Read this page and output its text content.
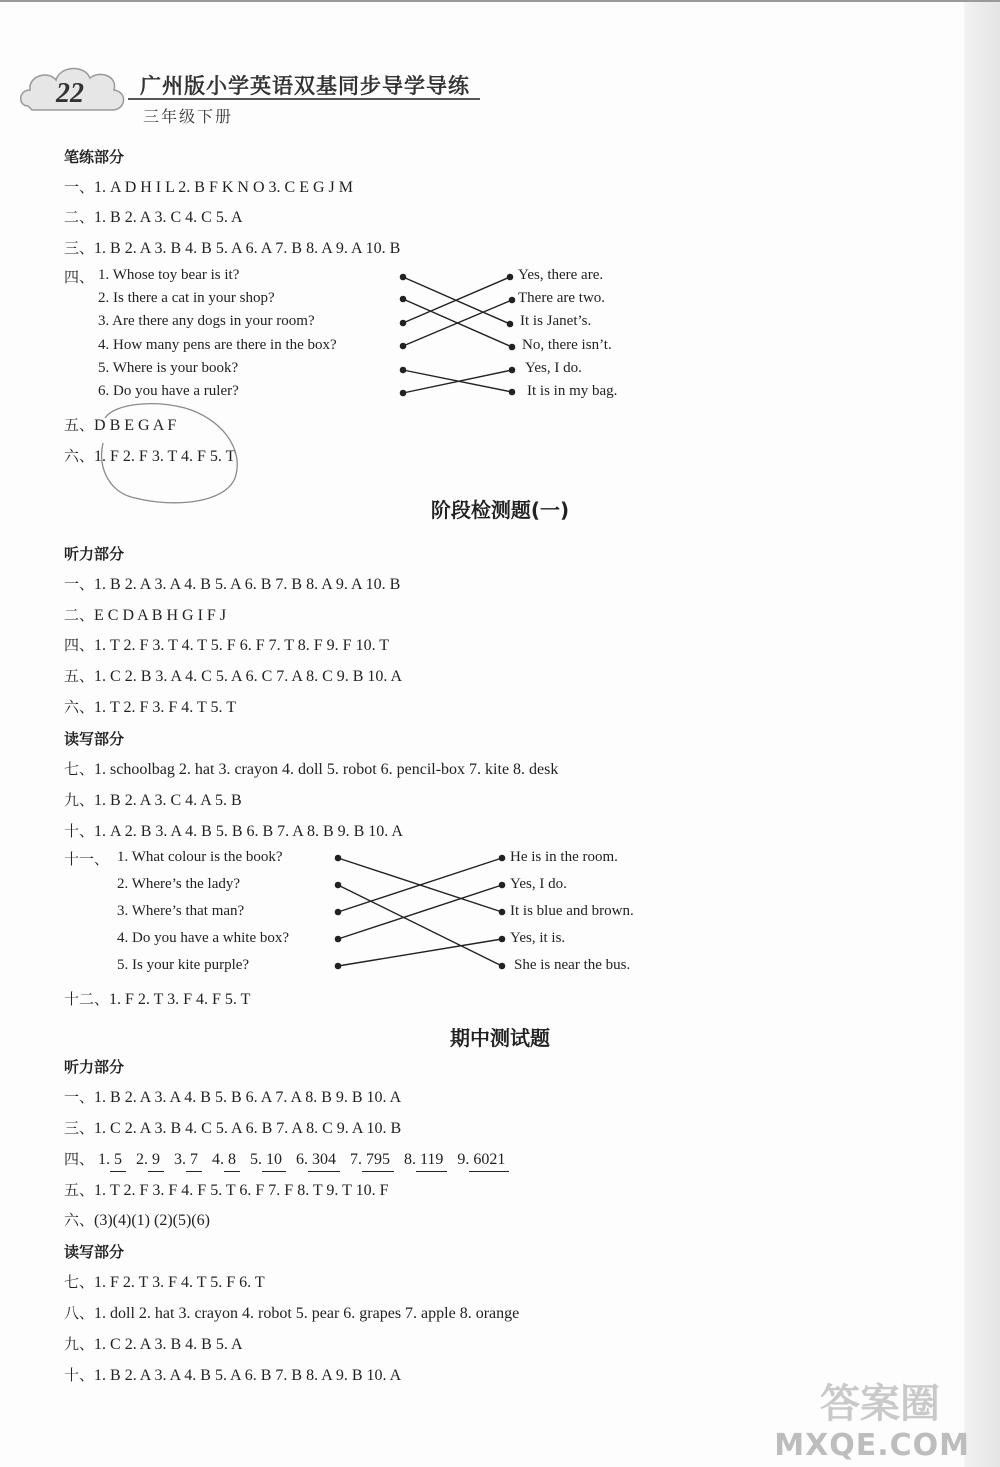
22	广州版小学英语双基同步导学导练
三年级下册
笔练部分
一、1. A D H I L 2. B F K N O 3. C E G J M
二、1. B 2. A 3. C 4. C 5. A
三、1. B 2. A 3. B 4. B 5. A 6. A 7. B 8. A 9. A 10. B
四、 1. Whose toy bear is it?
2. Is there a cat in your shop?
3. Are there any dogs in your room?
4. How many pens are there in the box?
5. Where is your book?
6. Do you have a ruler?
Yes, there are.
There are two.
It is Janet’s.
No, there isn’t.
Yes, I do.
It is in my bag.
五、D B E G A F
六、1. F 2. F 3. T 4. F 5. T
阶段检测题(一)
听力部分
一、1. B 2. A 3. A 4. B 5. A 6. B 7. B 8. A 9. A 10. B
二、E C D A B H G I F J
四、1. T 2. F 3. T 4. T 5. F 6. F 7. T 8. F 9. F 10. T
五、1. C 2. B 3. A 4. C 5. A 6. C 7. A 8. C 9. B 10. A
六、1. T 2. F 3. F 4. T 5. T
读写部分
七、1. schoolbag 2. hat 3. crayon 4. doll 5. robot 6. pencil-box 7. kite 8. desk
九、1. B 2. A 3. C 4. A 5. B
十、1. A 2. B 3. A 4. B 5. B 6. B 7. A 8. B 9. B 10. A
十一、 1. What colour is the book?
2. Where’s the lady?
3. Where’s that man?
4. Do you have a white box?
5. Is your kite purple?
He is in the room.
Yes, I do.
It is blue and brown.
Yes, it is.
She is near the bus.
十二、1. F 2. T 3. F 4. F 5. T
期中测试题
听力部分
一、1. B 2. A 3. A 4. B 5. B 6. A 7. A 8. B 9. B 10. A
三、1. C 2. A 3. B 4. C 5. A 6. B 7. A 8. C 9. A 10. B
四、 1. 5 2. 9 3. 7 4. 8 5. 10 6. 304 7. 795 8. 119 9. 6021
五、1. T 2. F 3. F 4. F 5. T 6. F 7. F 8. T 9. T 10. F
六、(3)(4)(1) (2)(5)(6)
读写部分
七、1. F 2. T 3. F 4. T 5. F 6. T
八、1. doll 2. hat 3. crayon 4. robot 5. pear 6. grapes 7. apple 8. orange
九、1. C 2. A 3. B 4. B 5. A
十、1. B 2. A 3. A 4. B 5. A 6. B 7. B 8. A 9. B 10. A
答案圈
MXQE.COM
